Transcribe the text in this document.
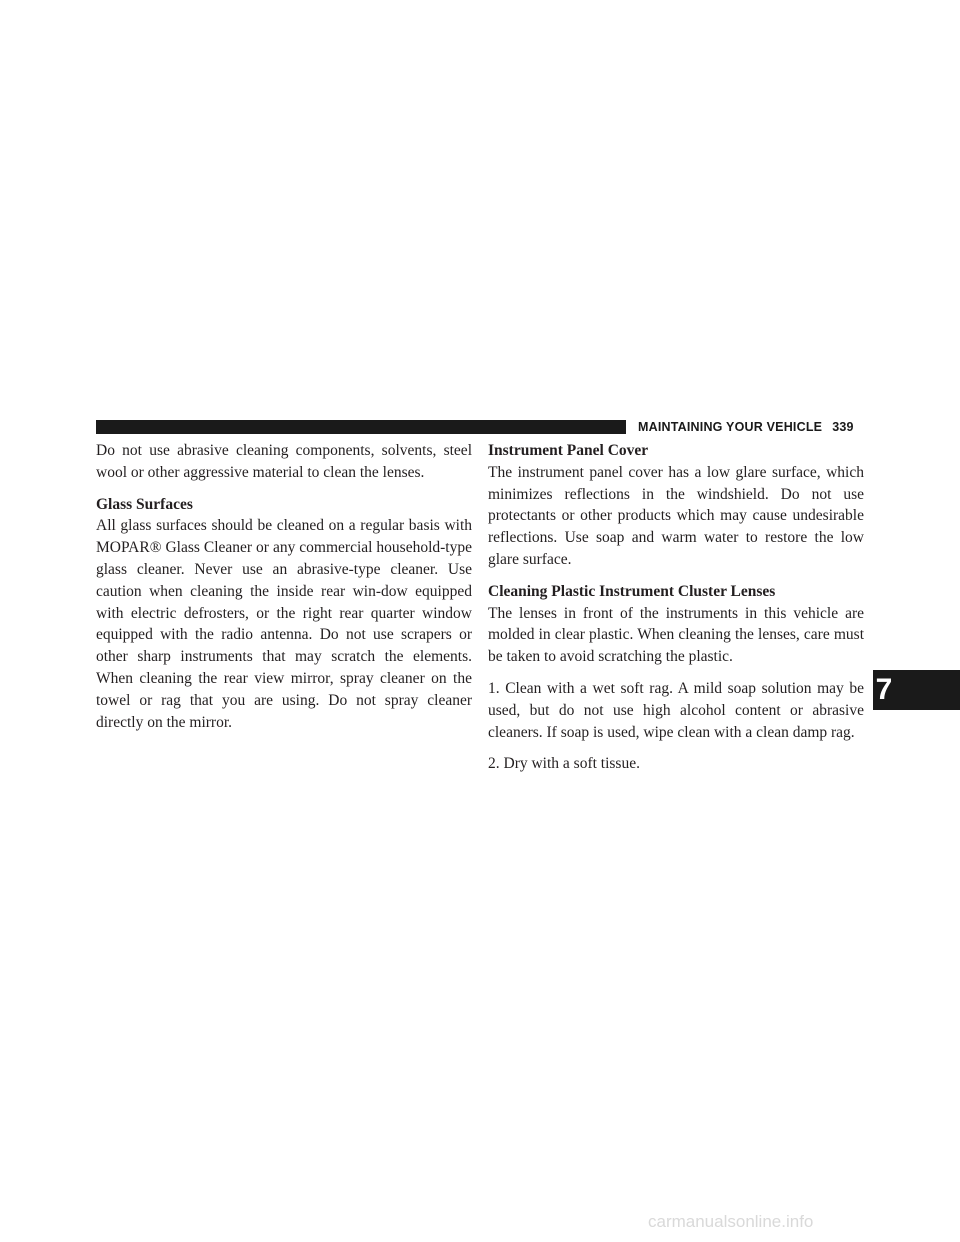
MAINTAINING YOUR VEHICLE 339

Do not use abrasive cleaning components, solvents, steel wool or other aggressive material to clean the lenses.

Glass Surfaces

All glass surfaces should be cleaned on a regular basis with MOPAR® Glass Cleaner or any commercial household-type glass cleaner. Never use an abrasive-type cleaner. Use caution when cleaning the inside rear win-dow equipped with electric defrosters, or the right rear quarter window equipped with the radio antenna. Do not use scrapers or other sharp instruments that may scratch the elements. When cleaning the rear view mirror, spray cleaner on the towel or rag that you are using. Do not spray cleaner directly on the mirror.

Instrument Panel Cover

The instrument panel cover has a low glare surface, which minimizes reflections in the windshield. Do not use protectants or other products which may cause undesirable reflections. Use soap and warm water to restore the low glare surface.

Cleaning Plastic Instrument Cluster Lenses

The lenses in front of the instruments in this vehicle are molded in clear plastic. When cleaning the lenses, care must be taken to avoid scratching the plastic.

1. Clean with a wet soft rag. A mild soap solution may be used, but do not use high alcohol content or abrasive cleaners. If soap is used, wipe clean with a clean damp rag.

2. Dry with a soft tissue.

7
carmanualsonline.info
